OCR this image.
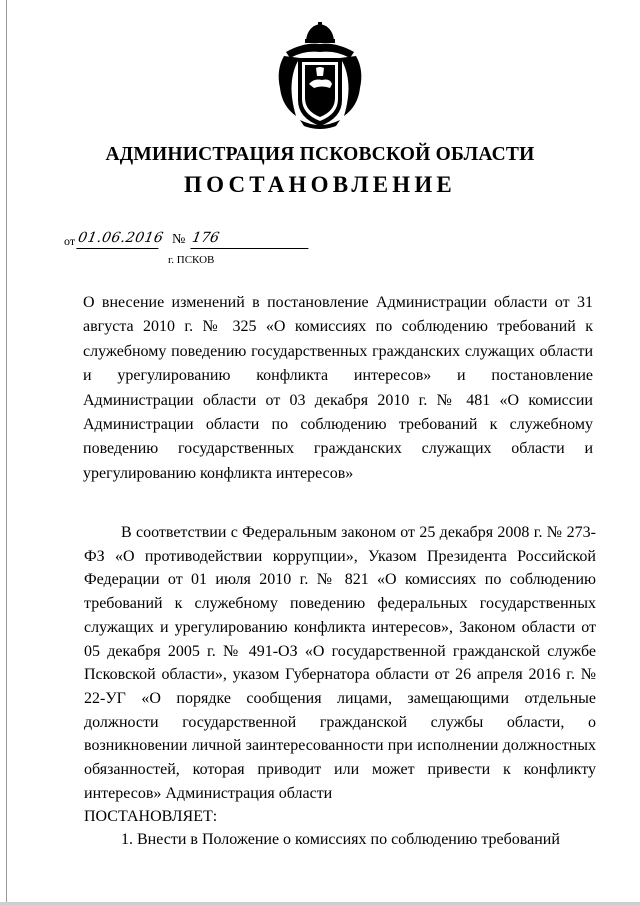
АДМИНИСТРАЦИЯ ПСКОВСКОЙ ОБЛАСТИ
ПОСТАНОВЛЕНИЕ
от 01.06.2016 № 176
г. ПСКОВ
О внесение изменений в постановление Администрации области от 31 августа 2010 г. № 325 «О комиссиях по соблюдению требований к служебному поведению государственных гражданских служащих области и урегулированию конфликта интересов» и постановление Администрации области от 03 декабря 2010 г. № 481 «О комиссии Администрации области по соблюдению требований к служебному поведению государственных гражданских служащих области и урегулированию конфликта интересов»
В соответствии с Федеральным законом от 25 декабря 2008 г. № 273-ФЗ «О противодействии коррупции», Указом Президента Российской Федерации от 01 июля 2010 г. № 821 «О комиссиях по соблюдению требований к служебному поведению федеральных государственных служащих и урегулированию конфликта интересов», Законом области от 05 декабря 2005 г. № 491-ОЗ «О государственной гражданской службе Псковской области», указом Губернатора области от 26 апреля 2016 г. № 22-УГ «О порядке сообщения лицами, замещающими отдельные должности государственной гражданской службы области, о возникновении личной заинтересованности при исполнении должностных обязанностей, которая приводит или может привести к конфликту интересов» Администрация области
ПОСТАНОВЛЯЕТ:
1. Внести в Положение о комиссиях по соблюдению требований
